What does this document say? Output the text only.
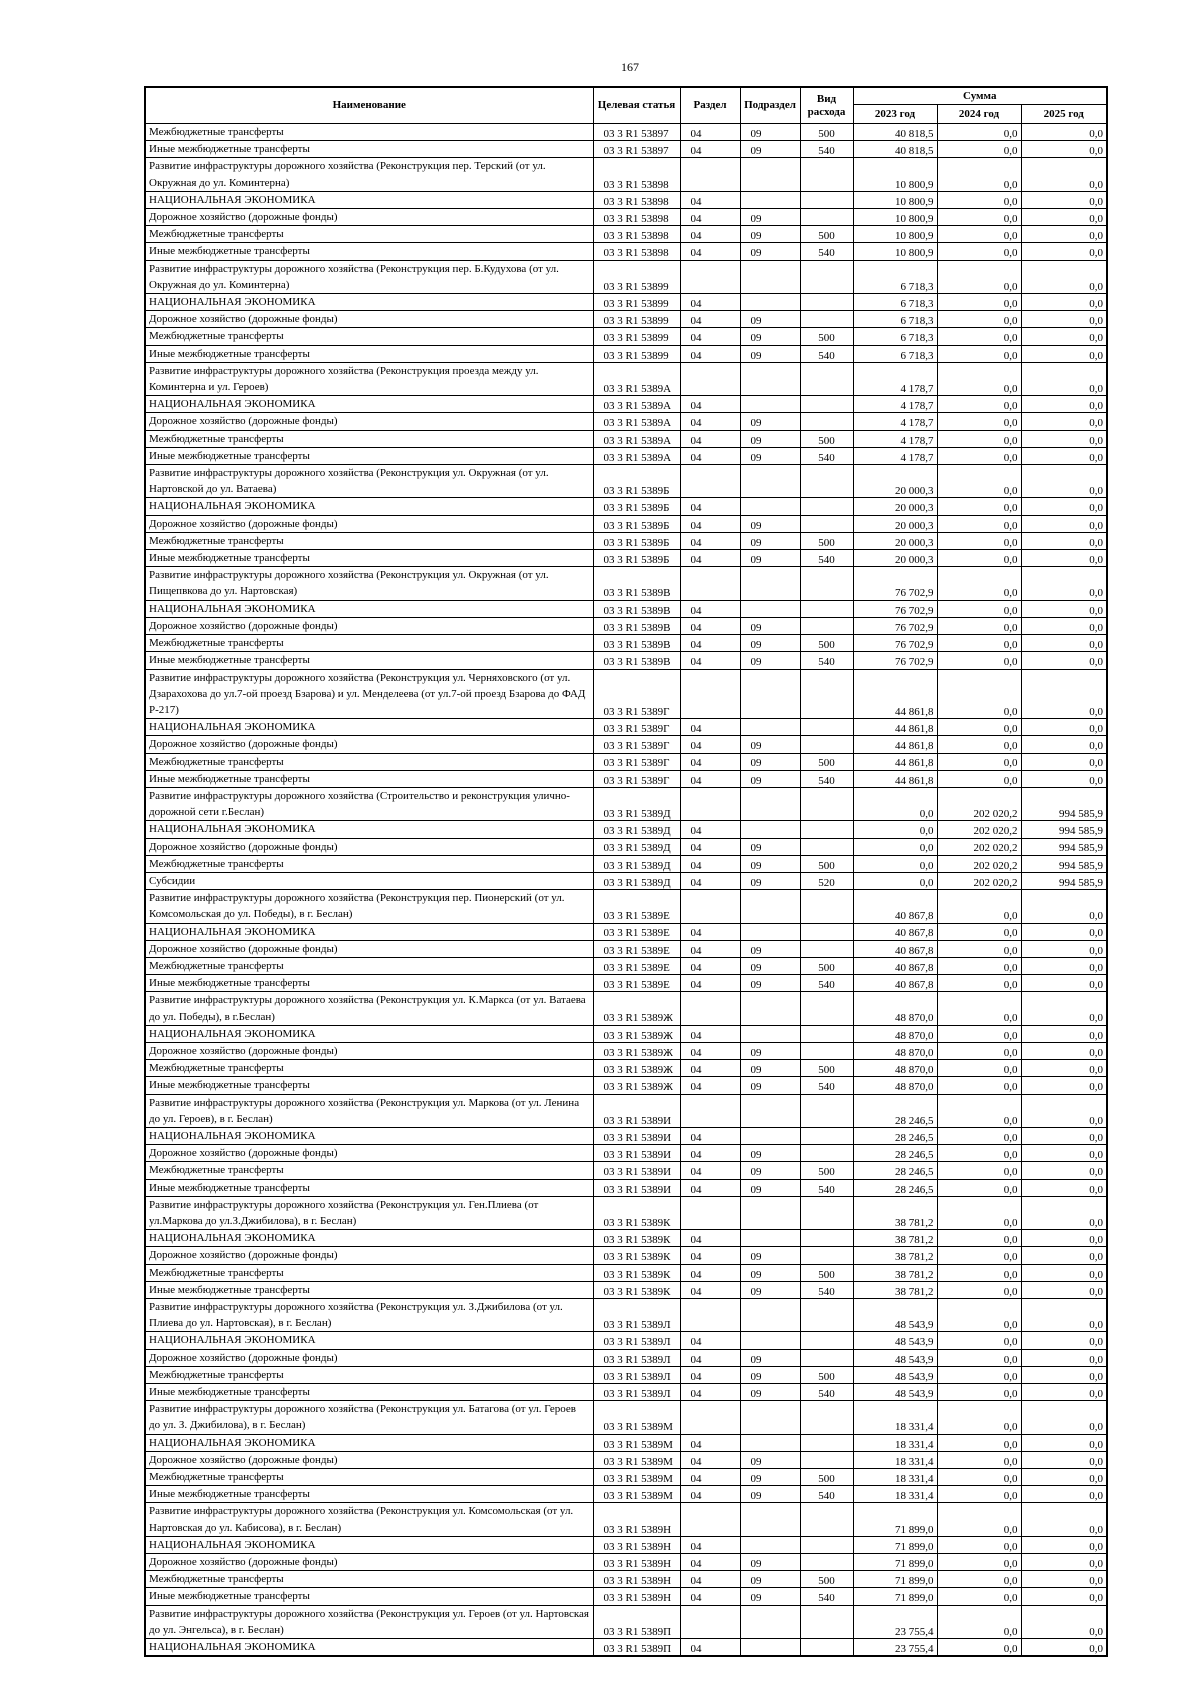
167
Наименование	Целевая статья	Раздел	Подраздел	Вид расхода	Сумма		
					2023 год	2024 год	2025 год
Межбюджетные трансферты	03 3 R1 53897	04	09	500	40 818,5	0,0	0,0
Иные межбюджетные трансферты	03 3 R1 53897	04	09	540	40 818,5	0,0	0,0
Развитие инфраструктуры дорожного хозяйства (Реконструкция пер. Терский (от ул. Окружная до ул. Коминтерна)	03 3 R1 53898				10 800,9	0,0	0,0
НАЦИОНАЛЬНАЯ ЭКОНОМИКА	03 3 R1 53898	04			10 800,9	0,0	0,0
Дорожное хозяйство (дорожные фонды)	03 3 R1 53898	04	09		10 800,9	0,0	0,0
Межбюджетные трансферты	03 3 R1 53898	04	09	500	10 800,9	0,0	0,0
Иные межбюджетные трансферты	03 3 R1 53898	04	09	540	10 800,9	0,0	0,0
Развитие инфраструктуры дорожного хозяйства (Реконструкция пер. Б.Кудухова (от ул. Окружная до ул. Коминтерна)	03 3 R1 53899				6 718,3	0,0	0,0
НАЦИОНАЛЬНАЯ ЭКОНОМИКА	03 3 R1 53899	04			6 718,3	0,0	0,0
Дорожное хозяйство (дорожные фонды)	03 3 R1 53899	04	09		6 718,3	0,0	0,0
Межбюджетные трансферты	03 3 R1 53899	04	09	500	6 718,3	0,0	0,0
Иные межбюджетные трансферты	03 3 R1 53899	04	09	540	6 718,3	0,0	0,0
Развитие инфраструктуры дорожного хозяйства (Реконструкция проезда между ул. Коминтерна и ул. Героев)	03 3 R1 5389А				4 178,7	0,0	0,0
НАЦИОНАЛЬНАЯ ЭКОНОМИКА	03 3 R1 5389А	04			4 178,7	0,0	0,0
Дорожное хозяйство (дорожные фонды)	03 3 R1 5389А	04	09		4 178,7	0,0	0,0
Межбюджетные трансферты	03 3 R1 5389А	04	09	500	4 178,7	0,0	0,0
Иные межбюджетные трансферты	03 3 R1 5389А	04	09	540	4 178,7	0,0	0,0
Развитие инфраструктуры дорожного хозяйства (Реконструкция ул. Окружная (от ул. Нартовской до ул. Ватаева)	03 3 R1 5389Б				20 000,3	0,0	0,0
НАЦИОНАЛЬНАЯ ЭКОНОМИКА	03 3 R1 5389Б	04			20 000,3	0,0	0,0
Дорожное хозяйство (дорожные фонды)	03 3 R1 5389Б	04	09		20 000,3	0,0	0,0
Межбюджетные трансферты	03 3 R1 5389Б	04	09	500	20 000,3	0,0	0,0
Иные межбюджетные трансферты	03 3 R1 5389Б	04	09	540	20 000,3	0,0	0,0
Развитие инфраструктуры дорожного хозяйства (Реконструкция ул. Окружная (от ул. Пищепвкова до ул. Нартовская)	03 3 R1 5389В				76 702,9	0,0	0,0
НАЦИОНАЛЬНАЯ ЭКОНОМИКА	03 3 R1 5389В	04			76 702,9	0,0	0,0
Дорожное хозяйство (дорожные фонды)	03 3 R1 5389В	04	09		76 702,9	0,0	0,0
Межбюджетные трансферты	03 3 R1 5389В	04	09	500	76 702,9	0,0	0,0
Иные межбюджетные трансферты	03 3 R1 5389В	04	09	540	76 702,9	0,0	0,0
Развитие инфраструктуры дорожного хозяйства (Реконструкция ул. Черняховского (от ул. Дзарахохова до ул.7-ой проезд Бзарова) и ул. Менделеева (от ул.7-ой проезд Бзарова до ФАД Р-217)	03 3 R1 5389Г				44 861,8	0,0	0,0
НАЦИОНАЛЬНАЯ ЭКОНОМИКА	03 3 R1 5389Г	04			44 861,8	0,0	0,0
Дорожное хозяйство (дорожные фонды)	03 3 R1 5389Г	04	09		44 861,8	0,0	0,0
Межбюджетные трансферты	03 3 R1 5389Г	04	09	500	44 861,8	0,0	0,0
Иные межбюджетные трансферты	03 3 R1 5389Г	04	09	540	44 861,8	0,0	0,0
Развитие инфраструктуры дорожного хозяйства (Строительство и реконструкция улично-дорожной сети г.Беслан)	03 3 R1 5389Д				0,0	202 020,2	994 585,9
НАЦИОНАЛЬНАЯ ЭКОНОМИКА	03 3 R1 5389Д	04			0,0	202 020,2	994 585,9
Дорожное хозяйство (дорожные фонды)	03 3 R1 5389Д	04	09		0,0	202 020,2	994 585,9
Межбюджетные трансферты	03 3 R1 5389Д	04	09	500	0,0	202 020,2	994 585,9
Субсидии	03 3 R1 5389Д	04	09	520	0,0	202 020,2	994 585,9
Развитие инфраструктуры дорожного хозяйства (Реконструкция пер. Пионерский (от ул. Комсомольская до ул. Победы), в г. Беслан)	03 3 R1 5389Е				40 867,8	0,0	0,0
НАЦИОНАЛЬНАЯ ЭКОНОМИКА	03 3 R1 5389Е	04			40 867,8	0,0	0,0
Дорожное хозяйство (дорожные фонды)	03 3 R1 5389Е	04	09		40 867,8	0,0	0,0
Межбюджетные трансферты	03 3 R1 5389Е	04	09	500	40 867,8	0,0	0,0
Иные межбюджетные трансферты	03 3 R1 5389Е	04	09	540	40 867,8	0,0	0,0
Развитие инфраструктуры дорожного хозяйства (Реконструкция ул. К.Маркса (от ул. Ватаева до ул. Победы), в г.Беслан)	03 3 R1 5389Ж				48 870,0	0,0	0,0
НАЦИОНАЛЬНАЯ ЭКОНОМИКА	03 3 R1 5389Ж	04			48 870,0	0,0	0,0
Дорожное хозяйство (дорожные фонды)	03 3 R1 5389Ж	04	09		48 870,0	0,0	0,0
Межбюджетные трансферты	03 3 R1 5389Ж	04	09	500	48 870,0	0,0	0,0
Иные межбюджетные трансферты	03 3 R1 5389Ж	04	09	540	48 870,0	0,0	0,0
Развитие инфраструктуры дорожного хозяйства (Реконструкция ул. Маркова (от ул. Ленина до ул. Героев), в г. Беслан)	03 3 R1 5389И				28 246,5	0,0	0,0
НАЦИОНАЛЬНАЯ ЭКОНОМИКА	03 3 R1 5389И	04			28 246,5	0,0	0,0
Дорожное хозяйство (дорожные фонды)	03 3 R1 5389И	04	09		28 246,5	0,0	0,0
Межбюджетные трансферты	03 3 R1 5389И	04	09	500	28 246,5	0,0	0,0
Иные межбюджетные трансферты	03 3 R1 5389И	04	09	540	28 246,5	0,0	0,0
Развитие инфраструктуры дорожного хозяйства (Реконструкция ул. Ген.Плиева (от ул.Маркова до ул.З.Джибилова), в г. Беслан)	03 3 R1 5389К				38 781,2	0,0	0,0
НАЦИОНАЛЬНАЯ ЭКОНОМИКА	03 3 R1 5389К	04			38 781,2	0,0	0,0
Дорожное хозяйство (дорожные фонды)	03 3 R1 5389К	04	09		38 781,2	0,0	0,0
Межбюджетные трансферты	03 3 R1 5389К	04	09	500	38 781,2	0,0	0,0
Иные межбюджетные трансферты	03 3 R1 5389К	04	09	540	38 781,2	0,0	0,0
Развитие инфраструктуры дорожного хозяйства (Реконструкция ул. З.Джибилова (от ул. Плиева до ул. Нартовская), в г. Беслан)	03 3 R1 5389Л				48 543,9	0,0	0,0
НАЦИОНАЛЬНАЯ ЭКОНОМИКА	03 3 R1 5389Л	04			48 543,9	0,0	0,0
Дорожное хозяйство (дорожные фонды)	03 3 R1 5389Л	04	09		48 543,9	0,0	0,0
Межбюджетные трансферты	03 3 R1 5389Л	04	09	500	48 543,9	0,0	0,0
Иные межбюджетные трансферты	03 3 R1 5389Л	04	09	540	48 543,9	0,0	0,0
Развитие инфраструктуры дорожного хозяйства (Реконструкция ул. Батагова (от ул. Героев до ул. З. Джибилова), в г. Беслан)	03 3 R1 5389М				18 331,4	0,0	0,0
НАЦИОНАЛЬНАЯ ЭКОНОМИКА	03 3 R1 5389М	04			18 331,4	0,0	0,0
Дорожное хозяйство (дорожные фонды)	03 3 R1 5389М	04	09		18 331,4	0,0	0,0
Межбюджетные трансферты	03 3 R1 5389М	04	09	500	18 331,4	0,0	0,0
Иные межбюджетные трансферты	03 3 R1 5389М	04	09	540	18 331,4	0,0	0,0
Развитие инфраструктуры дорожного хозяйства (Реконструкция ул. Комсомольская (от ул. Нартовская до ул. Кабисова), в г. Беслан)	03 3 R1 5389Н				71 899,0	0,0	0,0
НАЦИОНАЛЬНАЯ ЭКОНОМИКА	03 3 R1 5389Н	04			71 899,0	0,0	0,0
Дорожное хозяйство (дорожные фонды)	03 3 R1 5389Н	04	09		71 899,0	0,0	0,0
Межбюджетные трансферты	03 3 R1 5389Н	04	09	500	71 899,0	0,0	0,0
Иные межбюджетные трансферты	03 3 R1 5389Н	04	09	540	71 899,0	0,0	0,0
Развитие инфраструктуры дорожного хозяйства (Реконструкция ул. Героев (от ул. Нартовская до ул. Энгельса), в г. Беслан)	03 3 R1 5389П				23 755,4	0,0	0,0
НАЦИОНАЛЬНАЯ ЭКОНОМИКА	03 3 R1 5389П	04			23 755,4	0,0	0,0
